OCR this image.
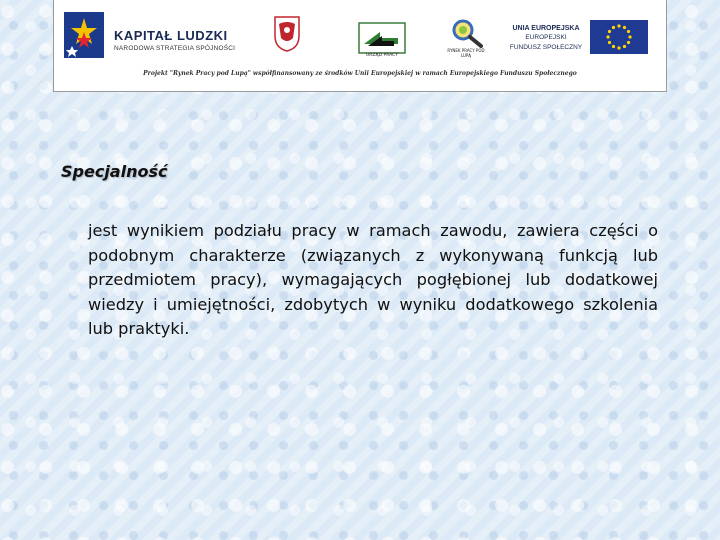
KAPITAŁ LUDZKI
NARODOWA STRATEGIA SPÓJNOŚCI
URZĄD PRACY
RYNEK PRACY POD LUPĄ
UNIA EUROPEJSKA
EUROPEJSKI
FUNDUSZ SPOŁECZNY
Projekt "Rynek Pracy pod Lupą" współfinansowany ze środków Unii Europejskiej w ramach Europejskiego Funduszu Społecznego
Specjalność

jest wynikiem podziału pracy w ramach zawodu, zawiera części o podobnym charakterze (związanych z wykonywaną funkcją lub przedmiotem pracy), wymagających pogłębionej lub dodatkowej wiedzy i umiejętności, zdobytych w wyniku dodatkowego szkolenia lub praktyki.
